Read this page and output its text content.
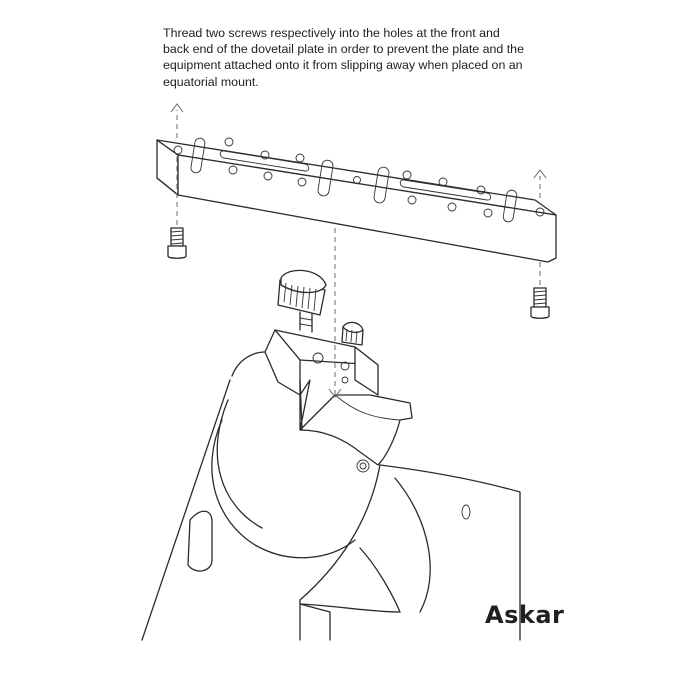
Thread two screws respectively into the holes at the front and
back end of the dovetail plate in order to prevent the plate and the
equipment attached onto it from slipping away when placed on an
equatorial mount.

Askar
